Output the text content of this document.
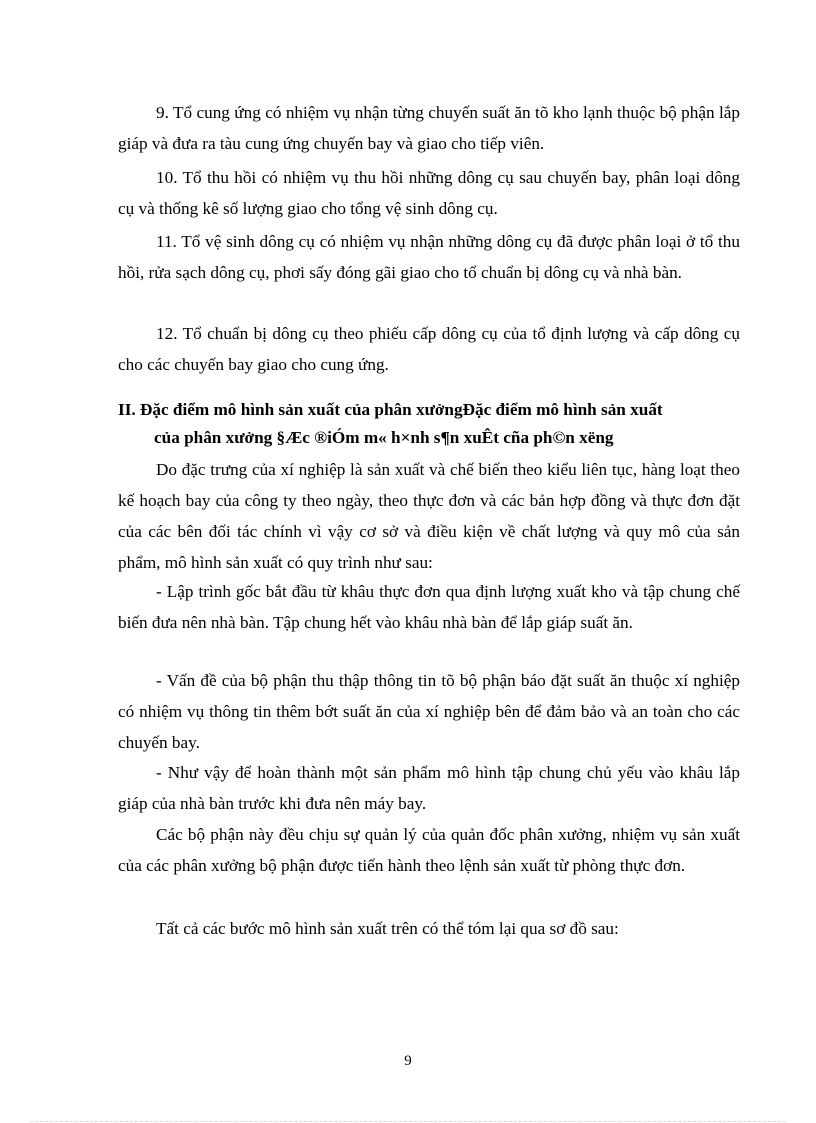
9. Tổ cung ứng có nhiệm vụ nhận từng chuyến suất ăn tõ kho lạnh thuộc bộ phận lắp giáp và đưa ra tàu cung ứng chuyến bay và giao cho tiếp viên.

10. Tổ thu hồi có nhiệm vụ thu hồi những dông cụ sau chuyến bay, phân loại dông cụ và thống kê số lượng giao cho tổng vệ sinh dông cụ.

11. Tổ vệ sinh dông cụ có nhiệm vụ nhận những dông cụ đã được phân loại ở tổ thu hồi, rửa sạch dông cụ, phơi sấy đóng gãi giao cho tổ chuẩn bị dông cụ và nhà bàn.

12. Tổ chuẩn bị dông cụ theo phiếu cấp dông cụ của tổ định lượng và cấp dông cụ cho các chuyến bay giao cho cung ứng.

II. Đặc điểm mô hình sản xuất của phân xưởngĐặc điểm mô hình sản xuất
của phân xưởng §Æc ®iÓm m« h×nh s¶n xuÊt cña ph©n xëng

Do đặc trưng của xí nghiệp là sản xuất và chế biến theo kiểu liên tục, hàng loạt theo kế hoạch bay của công ty theo ngày, theo thực đơn và các bản hợp đồng và thực đơn đặt của các bên đối tác chính vì vậy cơ sở và điều kiện về chất lượng và quy mô của sản phẩm, mô hình sản xuất có quy trình như sau:

- Lập trình gốc bắt đầu từ khâu thực đơn qua định lượng xuất kho và tập chung chế biến đưa nên nhà bàn. Tập chung hết vào khâu nhà bàn để lắp giáp suất ăn.

- Vấn đề của bộ phận thu thập thông tin tõ bộ phận báo đặt suất ăn thuộc xí nghiệp có nhiệm vụ thông tin thêm bớt suất ăn của xí nghiệp bên để đảm bảo và an toàn cho các chuyến bay.

- Như vậy để hoàn thành một sản phẩm mô hình tập chung chủ yếu vào khâu lắp giáp của nhà bàn trước khi đưa nên máy bay.

Các bộ phận này đều chịu sự quản lý của quản đốc phân xưởng, nhiệm vụ sản xuất của các phân xưởng bộ phận được tiến hành theo lệnh sản xuất từ phòng thực đơn.

Tất cả các bước mô hình sản xuất trên có thể tóm lại qua sơ đồ sau:

9
